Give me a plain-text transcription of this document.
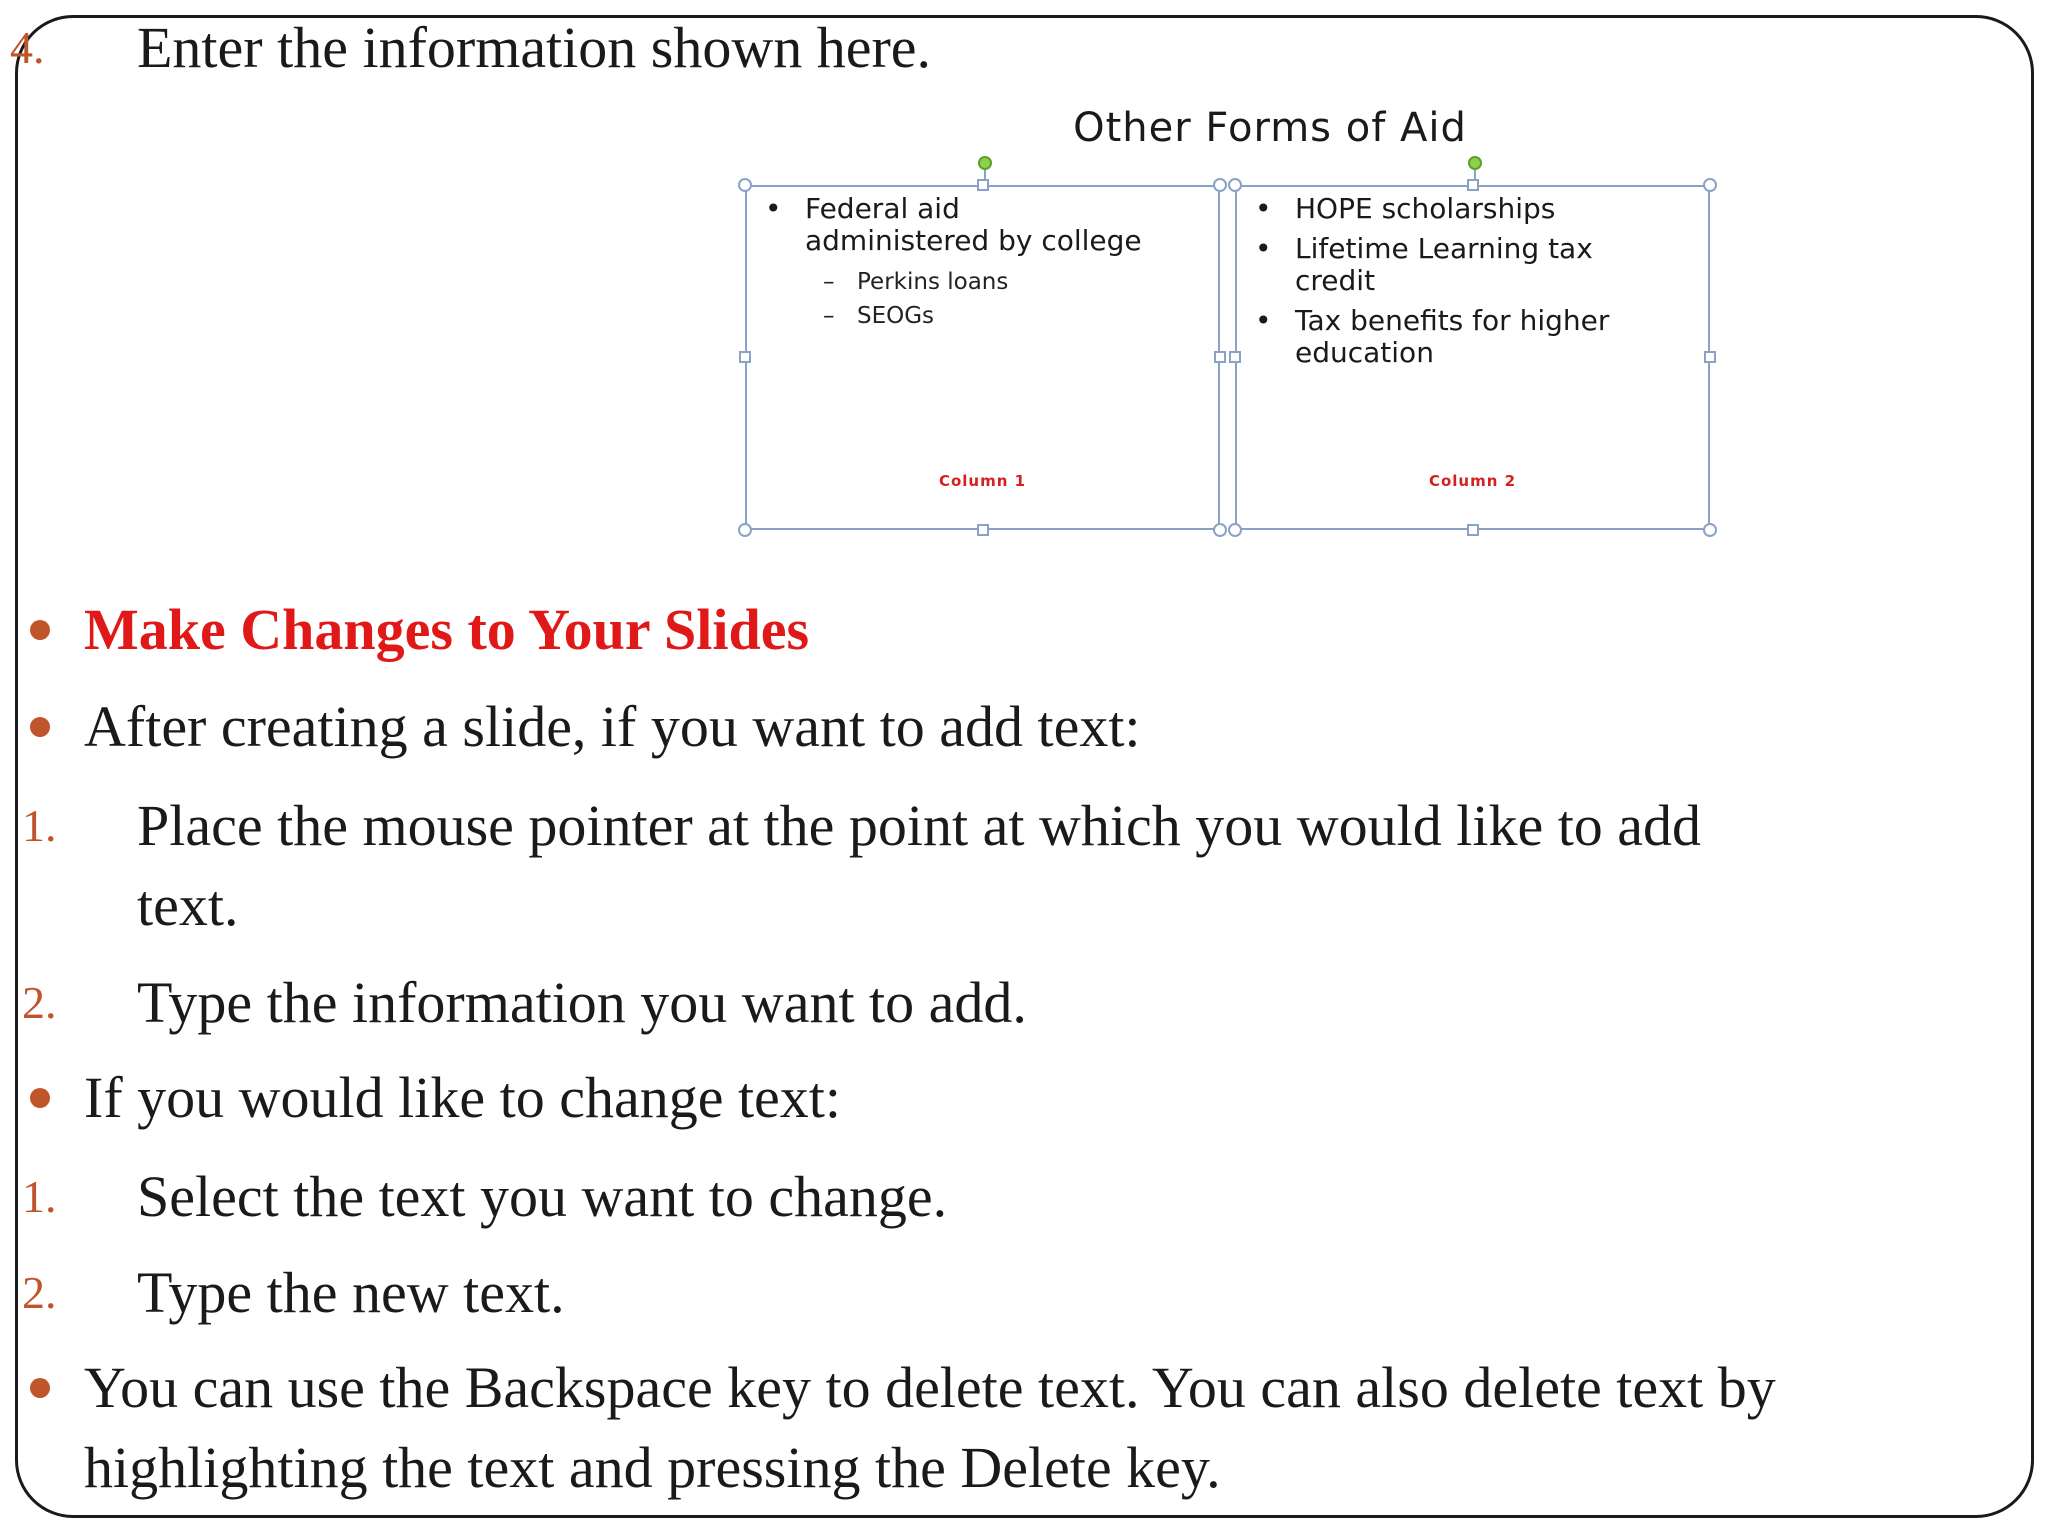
4. Enter the information shown here.
Other Forms of Aid
• Federal aid
administered by college
– Perkins loans
– SEOGs
Column 1
• HOPE scholarships
• Lifetime Learning tax
credit
• Tax benefits for higher
education
Column 2
Make Changes to Your Slides
After creating a slide, if you want to add text:
1. Place the mouse pointer at the point at which you would like to add
text.
2. Type the information you want to add.
If you would like to change text:
1. Select the text you want to change.
2. Type the new text.
You can use the Backspace key to delete text. You can also delete text by
highlighting the text and pressing the Delete key.
